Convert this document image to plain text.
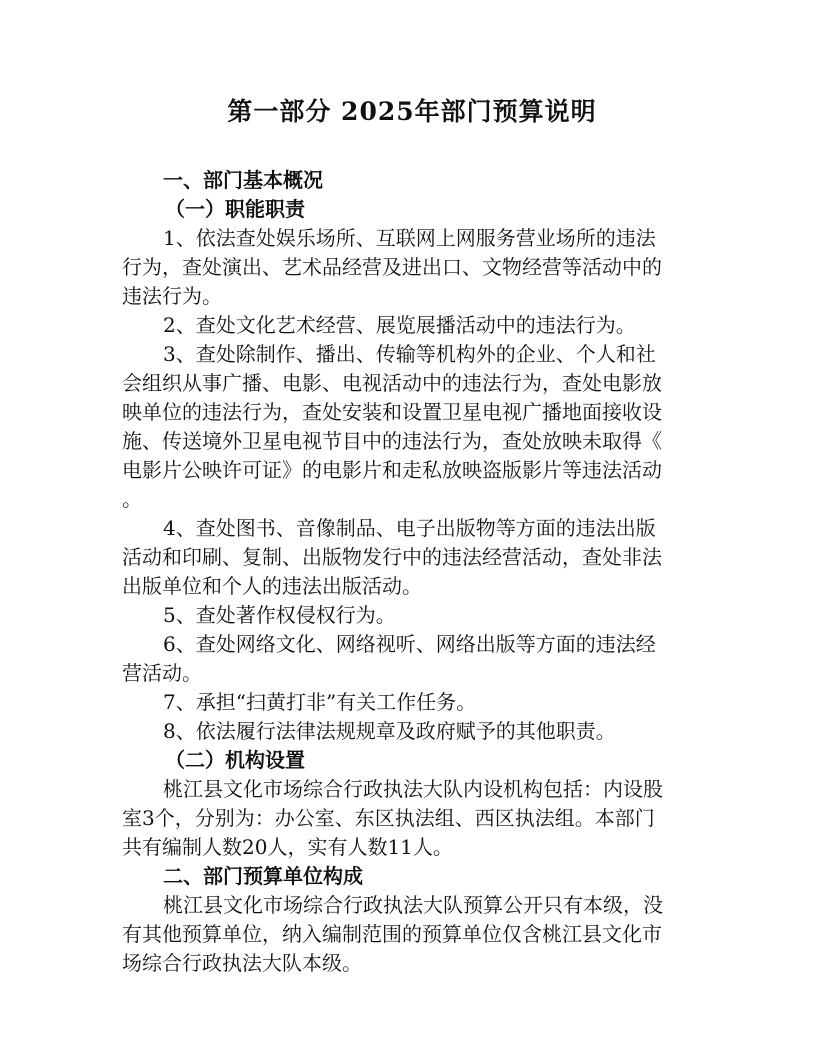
第一部分 2025年部门预算说明

一、部门基本概况

（一）职能职责

1、依法查处娱乐场所、互联网上网服务营业场所的违法

行为，查处演出、艺术品经营及进出口、文物经营等活动中的

违法行为。

2、查处文化艺术经营、展览展播活动中的违法行为。

3、查处除制作、播出、传输等机构外的企业、个人和社

会组织从事广播、电影、电视活动中的违法行为，查处电影放

映单位的违法行为，查处安装和设置卫星电视广播地面接收设

施、传送境外卫星电视节目中的违法行为，查处放映未取得《

电影片公映许可证》的电影片和走私放映盗版影片等违法活动

。

4、查处图书、音像制品、电子出版物等方面的违法出版

活动和印刷、复制、出版物发行中的违法经营活动，查处非法

出版单位和个人的违法出版活动。

5、查处著作权侵权行为。

6、查处网络文化、网络视听、网络出版等方面的违法经

营活动。

7、承担“扫黄打非”有关工作任务。

8、依法履行法律法规规章及政府赋予的其他职责。

（二）机构设置

桃江县文化市场综合行政执法大队内设机构包括：内设股

室3个，分别为：办公室、东区执法组、西区执法组。本部门

共有编制人数20人，实有人数11人。

二、部门预算单位构成

桃江县文化市场综合行政执法大队预算公开只有本级，没

有其他预算单位，纳入编制范围的预算单位仅含桃江县文化市

场综合行政执法大队本级。
